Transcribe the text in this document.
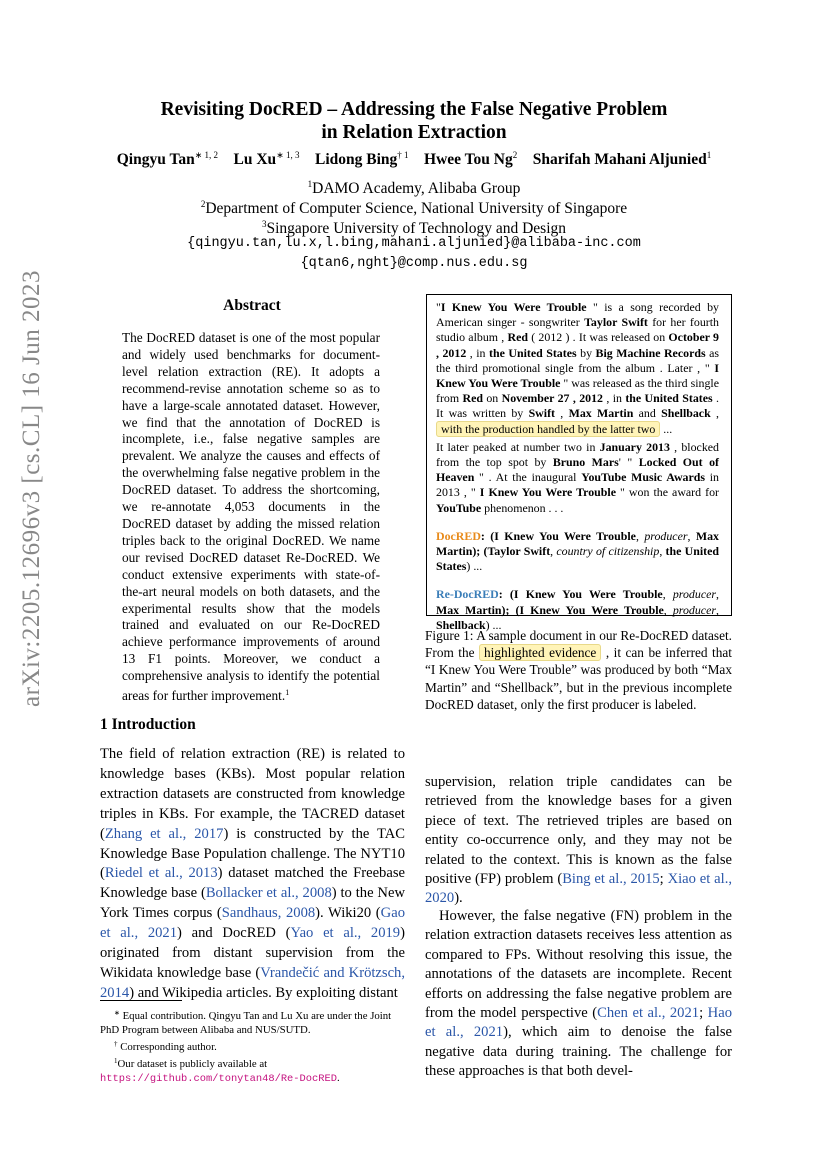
Revisiting DocRED – Addressing the False Negative Problem
in Relation Extraction
Qingyu Tan$^{∗ 1, 2}$ Lu $Xu^{∗ 1, 3}$ Lidong Bing$^{\dagger 1}$ Hwee Tou Ng$^2$ Sharifah Mahani Aljunied$^1$
$^1$DAMO Academy, Alibaba Group
$^2$Department of Computer Science, National University of Singapore
$^3$Singapore University of Technology and Design
{qingyu.tan,lu.x,l.bing,mahani.aljunied}@alibaba-inc.com
{qtan6,nght}@comp.nus.edu.sg
arXiv:2205.12696v3 [cs.CL] 16 Jun 2023	Abstract
The DocRED dataset is one of the most popular and widely used benchmarks for document-level relation extraction (RE). It adopts a recommend-revise annotation scheme so as to have a large-scale annotated dataset. However, we find that the annotation of DocRED is incomplete, i.e., false negative samples are prevalent. We analyze the causes and effects of the overwhelming false negative problem in the DocRED dataset. To address the shortcoming, we re-annotate 4,053 documents in the DocRED dataset by adding the missed relation triples back to the original DocRED. We name our revised DocRED dataset Re-DocRED. We conduct extensive experiments with state-of-the-art neural models on both datasets, and the experimental results show that the models trained and evaluated on our Re-DocRED achieve performance improvements of around 13 F1 points. Moreover, we conduct a comprehensive analysis to identify the potential areas for further improvement.$^1$
1 Introduction
The field of relation extraction (RE) is related to knowledge bases (KBs). Most popular relation extraction datasets are constructed from knowledge triples in KBs. For example, the TACRED dataset (Zhang et al., 2017) is constructed by the TAC Knowledge Base Population challenge. The NYT10 (Riedel et al., 2013) dataset matched the Freebase Knowledge base (Bollacker et al., 2008) to the New York Times corpus (Sandhaus, 2008). Wiki20 (Gao et al., 2021) and DocRED (Yao et al., 2019) originated from distant supervision from the Wikidata knowledge base (Vrandečić and Krötzsch, 2014) and Wikipedia articles. By exploiting distant

∗ Equal contribution. Qingyu Tan and Lu Xu are under the Joint PhD Program between Alibaba and NUS/SUTD.

† Corresponding author.

$^1$Our dataset is publicly available at https://github.com/tonytan48/Re-DocRED.

"I Knew You Were Trouble " is a song recorded by American singer - songwriter Taylor Swift for her fourth studio album , Red ( 2012 ) . It was released on October 9 , 2012 , in the United States by Big Machine Records as the third promotional single from the album . Later , " I Knew You Were Trouble " was released as the third single from Red on November 27 , 2012 , in the United States . It was written by Swift , Max Martin and Shellback , with the production handled by the latter two ...

It later peaked at number two in January 2013 , blocked from the top spot by Bruno Mars' " Locked Out of Heaven " . At the inaugural YouTube Music Awards in 2013 , " I Knew You Were Trouble " won the award for YouTube phenomenon . . .

DocRED: (I Knew You Were Trouble, producer, Max Martin); (Taylor Swift, country of citizenship, the United States) ...

Re-DocRED: (I Knew You Were Trouble, producer, Max Martin); (I Knew You Were Trouble, producer, Shellback) ...

Figure 1: A sample document in our Re-DocRED dataset. From the highlighted evidence , it can be inferred that “I Knew You Were Trouble” was produced by both “Max Martin” and “Shellback”, but in the previous incomplete DocRED dataset, only the first producer is labeled.
supervision, relation triple candidates can be retrieved from the knowledge bases for a given piece of text. The retrieved triples are based on entity co-occurrence only, and they may not be related to the context. This is known as the false positive (FP) problem (Bing et al., 2015; Xiao et al., 2020).
However, the false negative (FN) problem in the relation extraction datasets receives less attention as compared to FPs. Without resolving this issue, the annotations of the datasets are incomplete. Recent efforts on addressing the false negative problem are from the model perspective (Chen et al., 2021; Hao et al., 2021), which aim to denoise the false negative data during training. The challenge for these approaches is that both devel-
